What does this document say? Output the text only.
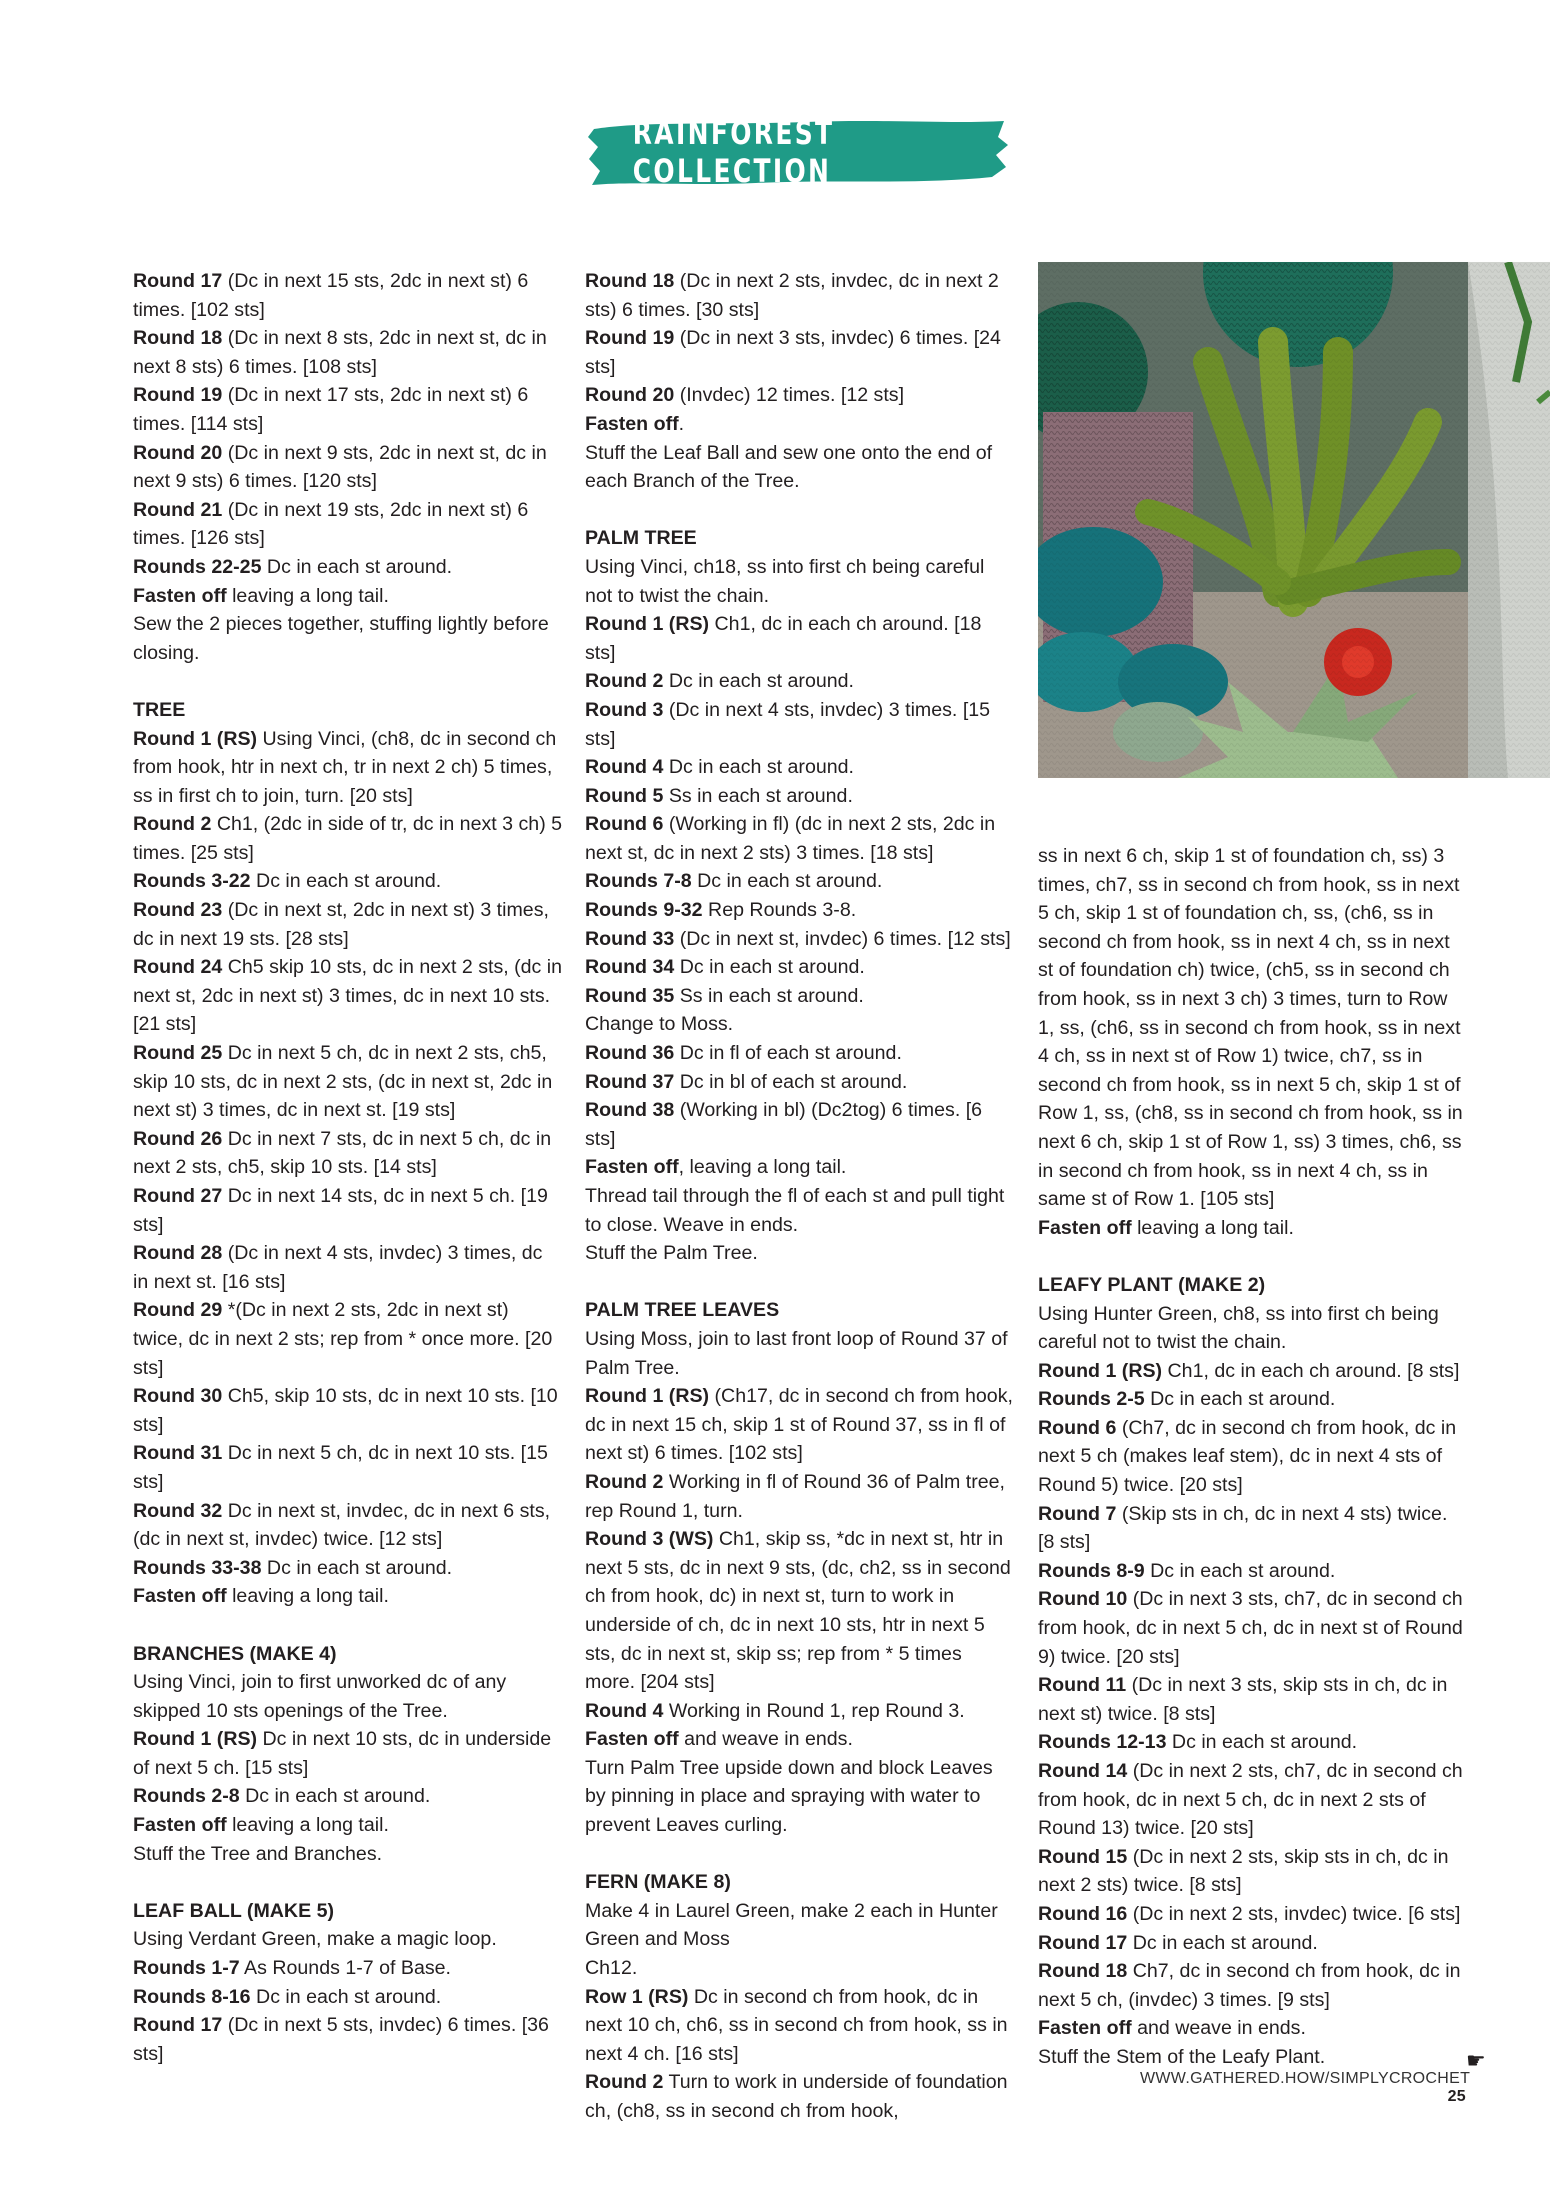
RAINFOREST COLLECTION

Round 17 (Dc in next 15 sts, 2dc in next st) 6 times. [102 sts]

Round 18 (Dc in next 8 sts, 2dc in next st, dc in next 8 sts) 6 times. [108 sts]

Round 19 (Dc in next 17 sts, 2dc in next st) 6 times. [114 sts]

Round 20 (Dc in next 9 sts, 2dc in next st, dc in next 9 sts) 6 times. [120 sts]

Round 21 (Dc in next 19 sts, 2dc in next st) 6 times. [126 sts]

Rounds 22-25 Dc in each st around.

Fasten off leaving a long tail.

Sew the 2 pieces together, stuffing lightly before closing.

TREE

Round 1 (RS) Using Vinci, (ch8, dc in second ch from hook, htr in next ch, tr in next 2 ch) 5 times, ss in first ch to join, turn. [20 sts]

Round 2 Ch1, (2dc in side of tr, dc in next 3 ch) 5 times. [25 sts]

Rounds 3-22 Dc in each st around.

Round 23 (Dc in next st, 2dc in next st) 3 times, dc in next 19 sts. [28 sts]

Round 24 Ch5 skip 10 sts, dc in next 2 sts, (dc in next st, 2dc in next st) 3 times, dc in next 10 sts. [21 sts]

Round 25 Dc in next 5 ch, dc in next 2 sts, ch5, skip 10 sts, dc in next 2 sts, (dc in next st, 2dc in next st) 3 times, dc in next st. [19 sts]

Round 26 Dc in next 7 sts, dc in next 5 ch, dc in next 2 sts, ch5, skip 10 sts. [14 sts]

Round 27 Dc in next 14 sts, dc in next 5 ch. [19 sts]

Round 28 (Dc in next 4 sts, invdec) 3 times, dc in next st. [16 sts]

Round 29 *(Dc in next 2 sts, 2dc in next st) twice, dc in next 2 sts; rep from * once more. [20 sts]

Round 30 Ch5, skip 10 sts, dc in next 10 sts. [10 sts]

Round 31 Dc in next 5 ch, dc in next 10 sts. [15 sts]

Round 32 Dc in next st, invdec, dc in next 6 sts, (dc in next st, invdec) twice. [12 sts]

Rounds 33-38 Dc in each st around.

Fasten off leaving a long tail.

BRANCHES (MAKE 4)

Using Vinci, join to first unworked dc of any skipped 10 sts openings of the Tree.

Round 1 (RS) Dc in next 10 sts, dc in underside of next 5 ch. [15 sts]

Rounds 2-8 Dc in each st around.

Fasten off leaving a long tail.

Stuff the Tree and Branches.

LEAF BALL (MAKE 5)

Using Verdant Green, make a magic loop.

Rounds 1-7 As Rounds 1-7 of Base.

Rounds 8-16 Dc in each st around.

Round 17 (Dc in next 5 sts, invdec) 6 times. [36 sts]

Round 18 (Dc in next 2 sts, invdec, dc in next 2 sts) 6 times. [30 sts]

Round 19 (Dc in next 3 sts, invdec) 6 times. [24 sts]

Round 20 (Invdec) 12 times. [12 sts]

Fasten off.

Stuff the Leaf Ball and sew one onto the end of each Branch of the Tree.

PALM TREE

Using Vinci, ch18, ss into first ch being careful not to twist the chain.

Round 1 (RS) Ch1, dc in each ch around. [18 sts]

Round 2 Dc in each st around.

Round 3 (Dc in next 4 sts, invdec) 3 times. [15 sts]

Round 4 Dc in each st around.

Round 5 Ss in each st around.

Round 6 (Working in fl) (dc in next 2 sts, 2dc in next st, dc in next 2 sts) 3 times. [18 sts]

Rounds 7-8 Dc in each st around.

Rounds 9-32 Rep Rounds 3-8.

Round 33 (Dc in next st, invdec) 6 times. [12 sts]

Round 34 Dc in each st around.

Round 35 Ss in each st around.

Change to Moss.

Round 36 Dc in fl of each st around.

Round 37 Dc in bl of each st around.

Round 38 (Working in bl) (Dc2tog) 6 times. [6 sts]

Fasten off, leaving a long tail.

Thread tail through the fl of each st and pull tight to close. Weave in ends.

Stuff the Palm Tree.

PALM TREE LEAVES

Using Moss, join to last front loop of Round 37 of Palm Tree.

Round 1 (RS) (Ch17, dc in second ch from hook, dc in next 15 ch, skip 1 st of Round 37, ss in fl of next st) 6 times. [102 sts]

Round 2 Working in fl of Round 36 of Palm tree, rep Round 1, turn.

Round 3 (WS) Ch1, skip ss, *dc in next st, htr in next 5 sts, dc in next 9 sts, (dc, ch2, ss in second ch from hook, dc) in next st, turn to work in underside of ch, dc in next 10 sts, htr in next 5 sts, dc in next st, skip ss; rep from * 5 times more. [204 sts]

Round 4 Working in Round 1, rep Round 3.

Fasten off and weave in ends.

Turn Palm Tree upside down and block Leaves by pinning in place and spraying with water to prevent Leaves curling.

FERN (MAKE 8)

Make 4 in Laurel Green, make 2 each in Hunter Green and Moss

Ch12.

Row 1 (RS) Dc in second ch from hook, dc in next 10 ch, ch6, ss in second ch from hook, ss in next 4 ch. [16 sts]

Round 2 Turn to work in underside of foundation ch, (ch8, ss in second ch from hook,

ss in next 6 ch, skip 1 st of foundation ch, ss) 3 times, ch7, ss in second ch from hook, ss in next 5 ch, skip 1 st of foundation ch, ss, (ch6, ss in second ch from hook, ss in next 4 ch, ss in next st of foundation ch) twice, (ch5, ss in second ch from hook, ss in next 3 ch) 3 times, turn to Row 1, ss, (ch6, ss in second ch from hook, ss in next 4 ch, ss in next st of Row 1) twice, ch7, ss in second ch from hook, ss in next 5 ch, skip 1 st of Row 1, ss, (ch8, ss in second ch from hook, ss in next 6 ch, skip 1 st of Row 1, ss) 3 times, ch6, ss in second ch from hook, ss in next 4 ch, ss in same st of Row 1. [105 sts]

Fasten off leaving a long tail.

LEAFY PLANT (MAKE 2)

Using Hunter Green, ch8, ss into first ch being careful not to twist the chain.

Round 1 (RS) Ch1, dc in each ch around. [8 sts]

Rounds 2-5 Dc in each st around.

Round 6 (Ch7, dc in second ch from hook, dc in next 5 ch (makes leaf stem), dc in next 4 sts of Round 5) twice. [20 sts]

Round 7 (Skip sts in ch, dc in next 4 sts) twice. [8 sts]

Rounds 8-9 Dc in each st around.

Round 10 (Dc in next 3 sts, ch7, dc in second ch from hook, dc in next 5 ch, dc in next st of Round 9) twice. [20 sts]

Round 11 (Dc in next 3 sts, skip sts in ch, dc in next st) twice. [8 sts]

Rounds 12-13 Dc in each st around.

Round 14 (Dc in next 2 sts, ch7, dc in second ch from hook, dc in next 5 ch, dc in next 2 sts of Round 13) twice. [20 sts]

Round 15 (Dc in next 2 sts, skip sts in ch, dc in next 2 sts) twice. [8 sts]

Round 16 (Dc in next 2 sts, invdec) twice. [6 sts]

Round 17 Dc in each st around.

Round 18 Ch7, dc in second ch from hook, dc in next 5 ch, (invdec) 3 times. [9 sts]

Fasten off and weave in ends.

Stuff the Stem of the Leafy Plant.	☛
WWW.GATHERED.HOW/SIMPLYCROCHET 25
